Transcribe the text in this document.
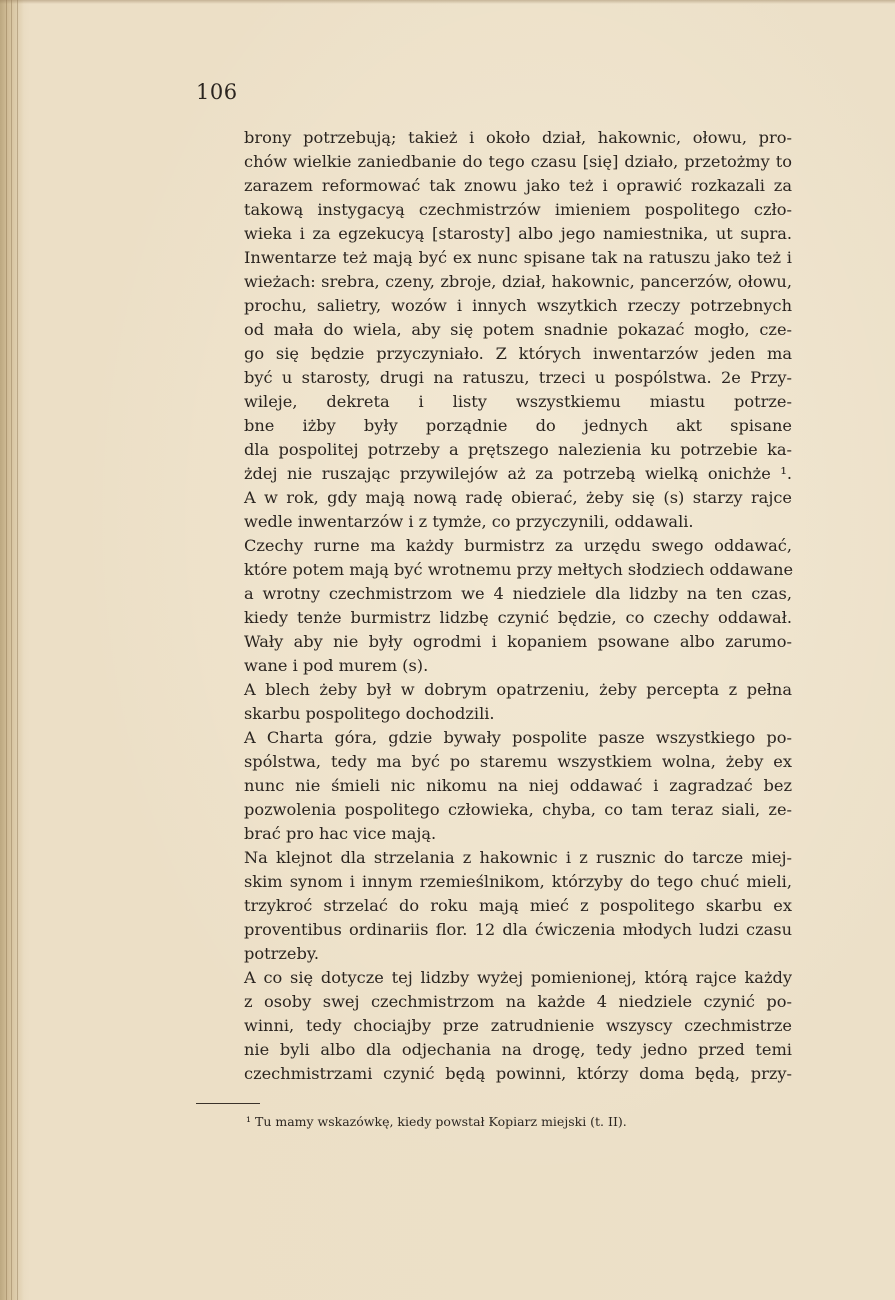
106
brony potrzebują; takież i około dział, hakownic, ołowu, pro-
chów wielkie zaniedbanie do tego czasu [się] działo, przetożmy to
zarazem reformować tak znowu jako też i oprawić rozkazali za
takową instygacyą czechmistrzów imieniem pospolitego czło-
wieka i za egzekucyą [starosty] albo jego namiestnika, ut supra.
Inwentarze też mają być ex nunc spisane tak na ratuszu jako też i
wieżach: srebra, czeny, zbroje, dział, hakownic, pancerzów, ołowu,
prochu, salietry, wozów i innych wszytkich rzeczy potrzebnych
od mała do wiela, aby się potem snadnie pokazać mogło, cze-
go się będzie przyczyniało. Z których inwentarzów jeden ma
być u starosty, drugi na ratuszu, trzeci u pospólstwa. 2e Przy-
wileje, dekreta i listy wszystkiemu miastu potrze-
bne iżby były porządnie do jednych akt spisane
dla pospolitej potrzeby a prętszego nalezienia ku potrzebie ka-
żdej nie ruszając przywilejów aż za potrzebą wielką onichże ¹.
A w rok, gdy mają nową radę obierać, żeby się (s) starzy rajce
wedle inwentarzów i z tymże, co przyczynili, oddawali.
Czechy rurne ma każdy burmistrz za urzędu swego oddawać,
które potem mają być wrotnemu przy mełtych słodziech oddawane
a wrotny czechmistrzom we 4 niedziele dla lidzby na ten czas,
kiedy tenże burmistrz lidzbę czynić będzie, co czechy oddawał.
Wały aby nie były ogrodmi i kopaniem psowane albo zarumo-
wane i pod murem (s).
A blech żeby był w dobrym opatrzeniu, żeby percepta z pełna
skarbu pospolitego dochodzili.
A Charta góra, gdzie bywały pospolite pasze wszystkiego po-
spólstwa, tedy ma być po staremu wszystkiem wolna, żeby ex
nunc nie śmieli nic nikomu na niej oddawać i zagradzać bez
pozwolenia pospolitego człowieka, chyba, co tam teraz siali, ze-
brać pro hac vice mają.
Na klejnot dla strzelania z hakownic i z rusznic do tarcze miej-
skim synom i innym rzemieślnikom, którzyby do tego chuć mieli,
trzykroć strzelać do roku mają mieć z pospolitego skarbu ex
proventibus ordinariis flor. 12 dla ćwiczenia młodych ludzi czasu
potrzeby.
A co się dotycze tej lidzby wyżej pomienionej, którą rajce każdy
z osoby swej czechmistrzom na każde 4 niedziele czynić po-
winni, tedy chociajby prze zatrudnienie wszyscy czechmistrze
nie byli albo dla odjechania na drogę, tedy jedno przed temi
czechmistrzami czynić będą powinni, którzy doma będą, przy-
¹ Tu mamy wskazówkę, kiedy powstał Kopiarz miejski (t. II).
